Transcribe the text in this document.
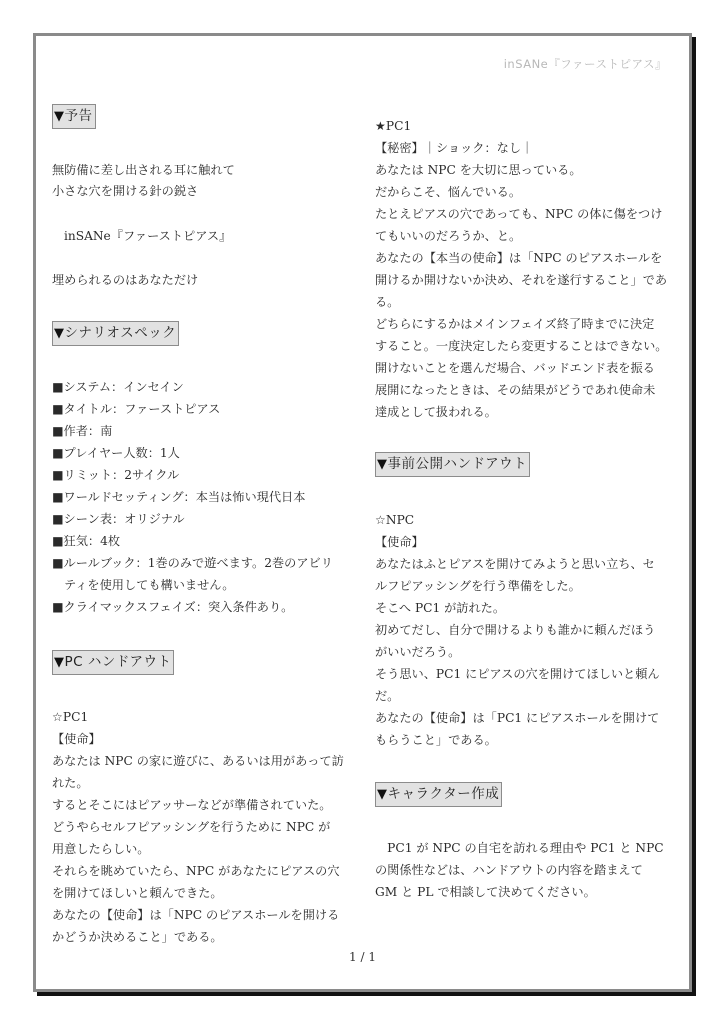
inSANe『ファーストピアス』
▼予告
無防備に差し出される耳に触れて
小さな穴を開ける針の鋭さ
inSANe『ファーストピアス』
埋められるのはあなただけ
▼シナリオスペック
■システム：インセイン
■タイトル：ファーストピアス
■作者：南
■プレイヤー人数：1人
■リミット：2サイクル
■ワールドセッティング：本当は怖い現代日本
■シーン表：オリジナル
■狂気：4枚
■ルールブック：1巻のみで遊べます。2巻のアビリ
ティを使用しても構いません。
■クライマックスフェイズ：突入条件あり。
▼PC ハンドアウト
☆PC1
【使命】
あなたは NPC の家に遊びに、あるいは用があって訪
れた。
するとそこにはピアッサーなどが準備されていた。
どうやらセルフピアッシングを行うために NPC が
用意したらしい。
それらを眺めていたら、NPC があなたにピアスの穴
を開けてほしいと頼んできた。
あなたの【使命】は「NPC のピアスホールを開ける
かどうか決めること」である。
★PC1
【秘密】｜ショック：なし｜
あなたは NPC を大切に思っている。
だからこそ、悩んでいる。
たとえピアスの穴であっても、NPC の体に傷をつけ
てもいいのだろうか、と。
あなたの【本当の使命】は「NPC のピアスホールを
開けるか開けないか決め、それを遂行すること」であ
る。
どちらにするかはメインフェイズ終了時までに決定
すること。一度決定したら変更することはできない。
開けないことを選んだ場合、バッドエンド表を振る
展開になったときは、その結果がどうであれ使命未
達成として扱われる。
▼事前公開ハンドアウト
☆NPC
【使命】
あなたはふとピアスを開けてみようと思い立ち、セ
ルフピアッシングを行う準備をした。
そこへ PC1 が訪れた。
初めてだし、自分で開けるよりも誰かに頼んだほう
がいいだろう。
そう思い、PC1 にピアスの穴を開けてほしいと頼ん
だ。
あなたの【使命】は「PC1 にピアスホールを開けて
もらうこと」である。
▼キャラクター作成
　PC1 が NPC の自宅を訪れる理由や PC1 と NPC
の関係性などは、ハンドアウトの内容を踏まえて
GM と PL で相談して決めてください。
1 / 1
